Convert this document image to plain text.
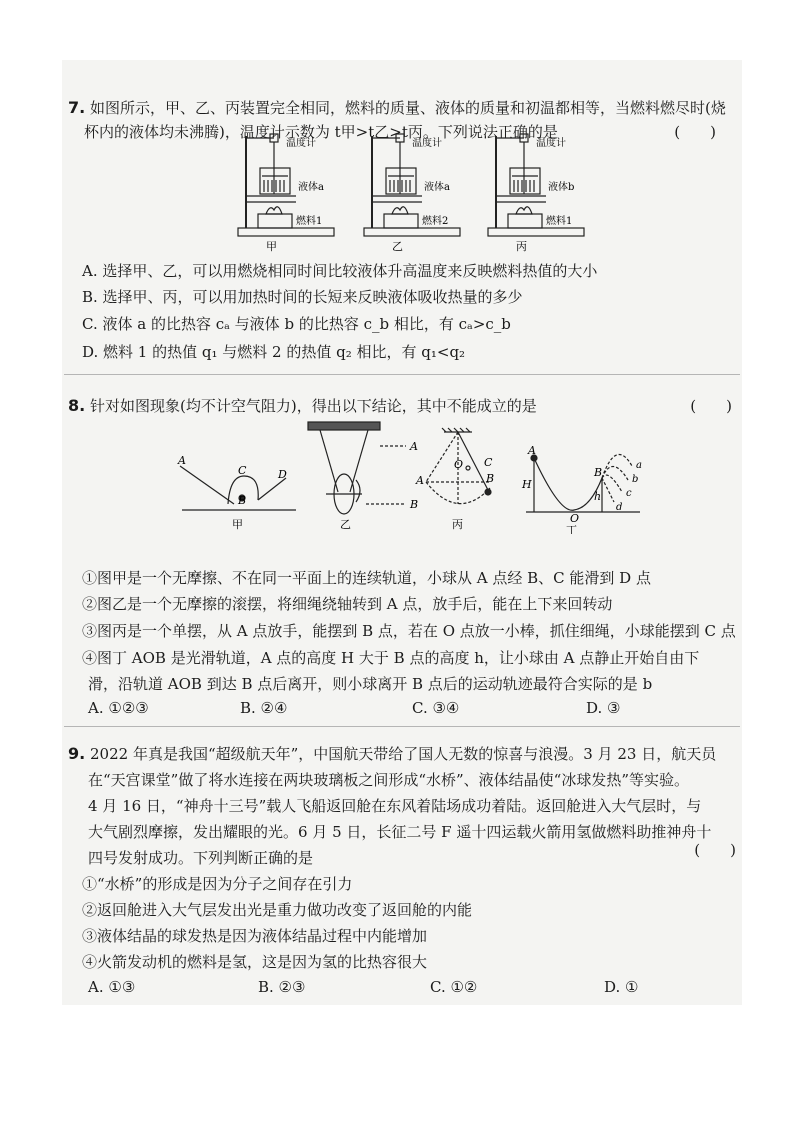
7. 如图所示，甲、乙、丙装置完全相同，燃料的质量、液体的质量和初温都相等，当燃料燃尽时(烧
杯内的液体均未沸腾)，温度计示数为 t甲>t乙>t丙。下列说法正确的是	(　　)
温度计
液体a
燃料1
甲
温度计
液体a
燃料2
乙
温度计
液体b
燃料1
丙
A. 选择甲、乙，可以用燃烧相同时间比较液体升高温度来反映燃料热值的大小
B. 选择甲、丙，可以用加热时间的长短来反映液体吸收热量的多少
C. 液体 a 的比热容 cₐ 与液体 b 的比热容 c_b 相比，有 cₐ>c_b
D. 燃料 1 的热值 q₁ 与燃料 2 的热值 q₂ 相比，有 q₁<q₂
8. 针对如图现象(均不计空气阻力)，得出以下结论，其中不能成立的是	(　　)
A
C
B
D
甲
A
B
乙
A
O C
B
丙
A
H
B
h
O
a
b
c
d
丁
①图甲是一个无摩擦、不在同一平面上的连续轨道，小球从 A 点经 B、C 能滑到 D 点
②图乙是一个无摩擦的滚摆，将细绳绕轴转到 A 点，放手后，能在上下来回转动
③图丙是一个单摆，从 A 点放手，能摆到 B 点，若在 O 点放一小棒，抓住细绳，小球能摆到 C 点
④图丁 AOB 是光滑轨道，A 点的高度 H 大于 B 点的高度 h，让小球由 A 点静止开始自由下
滑，沿轨道 AOB 到达 B 点后离开，则小球离开 B 点后的运动轨迹最符合实际的是 b
A. ①②③	B. ②④	C. ③④	D. ③
9. 2022 年真是我国“超级航天年”，中国航天带给了国人无数的惊喜与浪漫。3 月 23 日，航天员
在“天宫课堂”做了将水连接在两块玻璃板之间形成“水桥”、液体结晶使“冰球发热”等实验。
4 月 16 日，“神舟十三号”载人飞船返回舱在东风着陆场成功着陆。返回舱进入大气层时，与
大气剧烈摩擦，发出耀眼的光。6 月 5 日，长征二号 F 遥十四运载火箭用氢做燃料助推神舟十
四号发射成功。下列判断正确的是	(　　)
①“水桥”的形成是因为分子之间存在引力
②返回舱进入大气层发出光是重力做功改变了返回舱的内能
③液体结晶的球发热是因为液体结晶过程中内能增加
④火箭发动机的燃料是氢，这是因为氢的比热容很大
A. ①③	B. ②③	C. ①②	D. ①
